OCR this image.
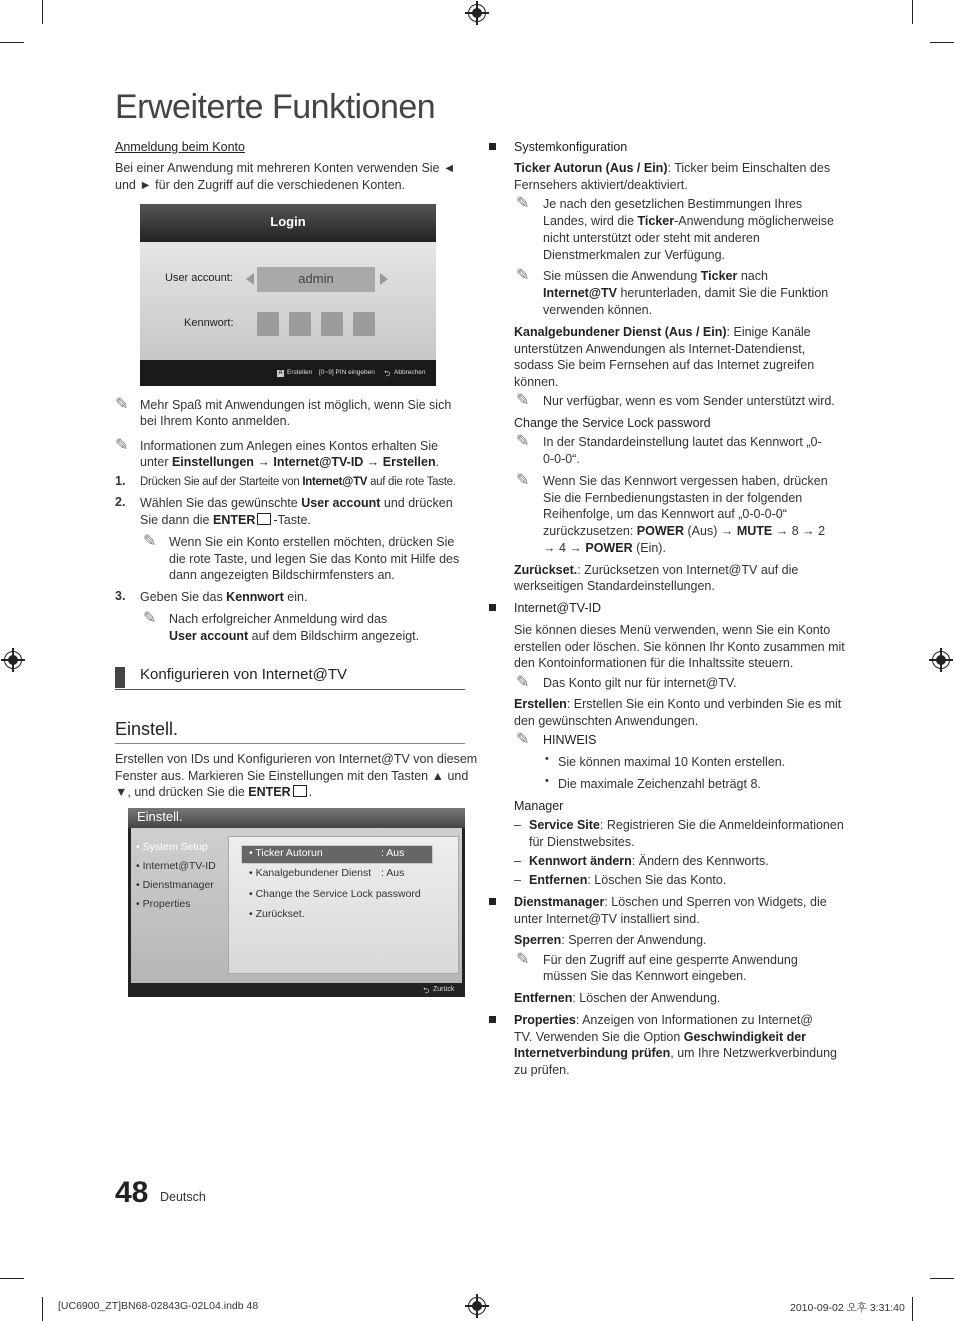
Erweiterte Funktionen
Anmeldung beim Konto
Bei einer Anwendung mit mehreren Konten verwenden Sie ◄
und ► für den Zugriff auf die verschiedenen Konten.
Login
User account:	admin
Kennwort:
A Erstellen [0~9] PIN eingeben ⮌ Abbrechen
✎ Mehr Spaß mit Anwendungen ist möglich, wenn Sie sich
bei Ihrem Konto anmelden.
✎ Informationen zum Anlegen eines Kontos erhalten Sie
unter Einstellungen → Internet@TV-ID → Erstellen.
1. Drücken Sie auf der Starteite von Internet@TV auf die rote Taste.
2. Wählen Sie das gewünschte User account und drücken
Sie dann die ENTER -Taste.
✎ Wenn Sie ein Konto erstellen möchten, drücken Sie
die rote Taste, und legen Sie das Konto mit Hilfe des
dann angezeigten Bildschirmfensters an.
3. Geben Sie das Kennwort ein.
✎ Nach erfolgreicher Anmeldung wird das
User account auf dem Bildschirm angezeigt.
Konfigurieren von Internet@TV
Einstell.
Erstellen von IDs und Konfigurieren von Internet@TV von diesem
Fenster aus. Markieren Sie Einstellungen mit den Tasten ▲ und
▼, und drücken Sie die ENTER .
Einstell.
• System Setup
• Internet@TV-ID
• Dienstmanager
• Properties
• Ticker Autorun	: Aus
• Kanalgebundener Dienst : Aus
• Change the Service Lock password
• Zurückset.
⮌ Zurück
Systemkonfiguration
Ticker Autorun (Aus / Ein): Ticker beim Einschalten des
Fernsehers aktiviert/deaktiviert.
✎ Je nach den gesetzlichen Bestimmungen Ihres
Landes, wird die Ticker-Anwendung möglicherweise
nicht unterstützt oder steht mit anderen
Dienstmerkmalen zur Verfügung.
✎ Sie müssen die Anwendung Ticker nach
Internet@TV herunterladen, damit Sie die Funktion
verwenden können.
Kanalgebundener Dienst (Aus / Ein): Einige Kanäle
unterstützen Anwendungen als Internet-Datendienst,
sodass Sie beim Fernsehen auf das Internet zugreifen
können.
✎ Nur verfügbar, wenn es vom Sender unterstützt wird.
Change the Service Lock password
✎ In der Standardeinstellung lautet das Kennwort „0-
0-0-0“.
✎ Wenn Sie das Kennwort vergessen haben, drücken
Sie die Fernbedienungstasten in der folgenden
Reihenfolge, um das Kennwort auf „0-0-0-0“
zurückzusetzen: POWER (Aus) → MUTE → 8 → 2
→ 4 → POWER (Ein).
Zurückset.: Zurücksetzen von Internet@TV auf die
werkseitigen Standardeinstellungen.
Internet@TV-ID
Sie können dieses Menü verwenden, wenn Sie ein Konto
erstellen oder löschen. Sie können Ihr Konto zusammen mit
den Kontoinformationen für die Inhaltssite steuern.
✎ Das Konto gilt nur für internet@TV.
Erstellen: Erstellen Sie ein Konto und verbinden Sie es mit
den gewünschten Anwendungen.
✎ HINWEIS
• Sie können maximal 10 Konten erstellen.
• Die maximale Zeichenzahl beträgt 8.
Manager
– Service Site: Registrieren Sie die Anmeldeinformationen
für Dienstwebsites.
– Kennwort ändern: Ändern des Kennworts.
– Entfernen: Löschen Sie das Konto.
Dienstmanager: Löschen und Sperren von Widgets, die
unter Internet@TV installiert sind.
Sperren: Sperren der Anwendung.
✎ Für den Zugriff auf eine gesperrte Anwendung
müssen Sie das Kennwort eingeben.
Entfernen: Löschen der Anwendung.
Properties: Anzeigen von Informationen zu Internet@
TV. Verwenden Sie die Option Geschwindigkeit der
Internetverbindung prüfen, um Ihre Netzwerkverbindung
zu prüfen.
48 Deutsch
[UC6900_ZT]BN68-02843G-02L04.indb 48	2010-09-02 오후 3:31:40
